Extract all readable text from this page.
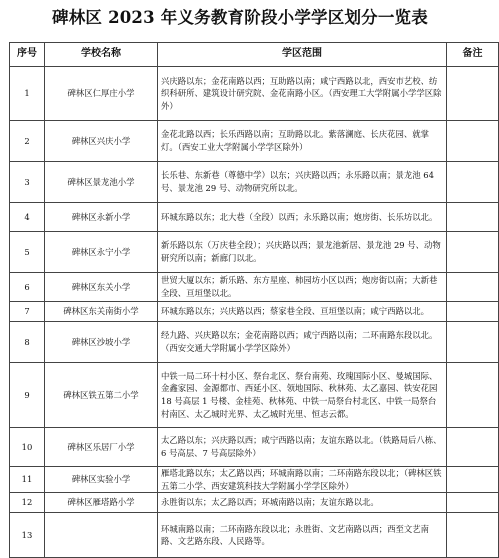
碑林区 2023 年义务教育阶段小学学区划分一览表
序号	学校名称	学区范围	备注
1	碑林区仁厚庄小学	兴庆路以东；金花南路以西；互助路以南；咸宁西路以北，西安市艺校、纺织科研所、建筑设计研究院、金花南路小区。（西安理工大学附属小学学区除外）	
2	碑林区兴庆小学	金花北路以西；长乐西路以南；互助路以北。紫落澜庭、长庆花园、就掌灯。（西安工业大学附属小学学区除外）	
3	碑林区景龙池小学	长乐巷、东新巷（尊德中学）以东；兴庆路以西；永乐路以南；景龙池 64 号、景龙池 29 号、动物研究所以北。	
4	碑林区永新小学	环城东路以东；北大巷（全段）以西；永乐路以南；炮房街、长乐坊以北。	
5	碑林区永宁小学	新乐路以东（万庆巷全段）；兴庆路以西；景龙池新居、景龙池 29 号、动物研究所以南；新廊门以北。	
6	碑林区东关小学	世贸大厦以东；新乐路、东方星座、柿园坊小区以西；炮房街以南；大新巷全段、亘垣堡以北。	
7	碑林区东关南街小学	环城东路以东；兴庆路以西；蔡家巷全段、亘垣堡以南；咸宁西路以北。	
8	碑林区沙坡小学	经九路、兴庆路以东；金花南路以西；咸宁西路以南；二环南路东段以北。（西安交通大学附属小学学区除外）	
9	碑林区铁五第二小学	中铁一局二环十村小区、祭台北区、祭台南苑、玫瑰国际小区、曼城国际、金鑫家园、金源都市、西延小区、领地国际、秋林苑、太乙嘉园、铁安花园 18 号高层 1 号楼、金桂苑、秋林苑、中铁一局祭台村北区、中铁一局祭台村南区、太乙城时光界、太乙城时光里、恒志云都。	
10	碑林区乐居厂小学	太乙路以东；兴庆路以西；咸宁西路以南；友谊东路以北。（铁路局后八栋、6 号高层、7 号高层除外）	
11	碑林区实验小学	雁塔北路以东；太乙路以西；环城南路以南；二环南路东段以北；（碑林区铁五第二小学、西安建筑科技大学附属小学学区除外）	
12	碑林区雁塔路小学	永胜街以东；太乙路以西；环城南路以南；友谊东路以北。	
13		环城南路以南；二环南路东段以北；永胜街、文艺南路以西；西至文艺南路、文艺路东段、人民路等。	
